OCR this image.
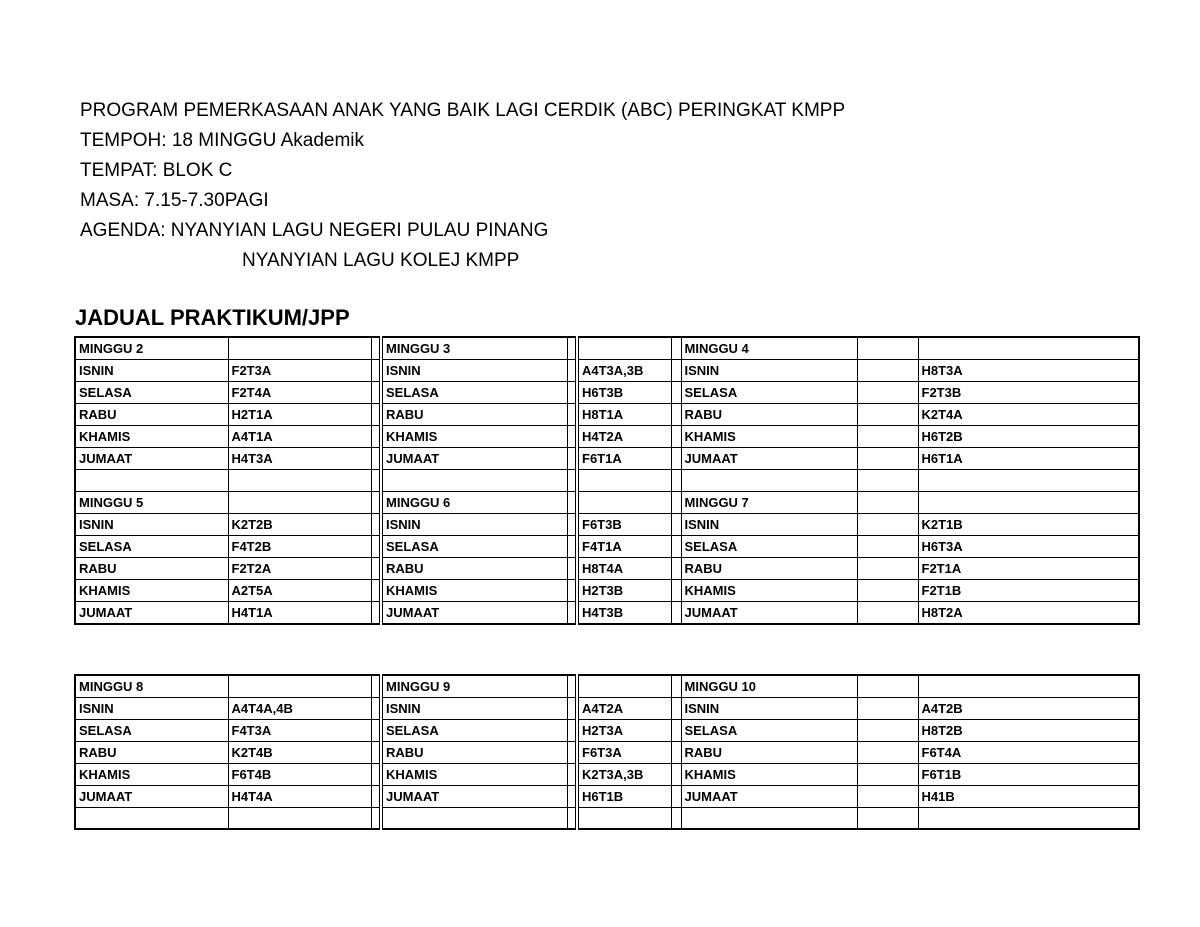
PROGRAM PEMERKASAAN ANAK YANG BAIK LAGI CERDIK (ABC) PERINGKAT KMPP
TEMPOH: 18 MINGGU Akademik
TEMPAT: BLOK C
MASA: 7.15-7.30PAGI
AGENDA: NYANYIAN LAGU NEGERI PULAU PINANG
NYANYIAN LAGU KOLEJ KMPP
JADUAL PRAKTIKUM/JPP
MINGGU 2			MINGGU 3				MINGGU 4		
ISNIN	F2T3A		ISNIN		A4T3A,3B		ISNIN		H8T3A
SELASA	F2T4A		SELASA		H6T3B		SELASA		F2T3B
RABU	H2T1A		RABU		H8T1A		RABU		K2T4A
KHAMIS	A4T1A		KHAMIS		H4T2A		KHAMIS		H6T2B
JUMAAT	H4T3A		JUMAAT		F6T1A		JUMAAT		H6T1A

MINGGU 5			MINGGU 6				MINGGU 7		
ISNIN	K2T2B		ISNIN		F6T3B		ISNIN		K2T1B
SELASA	F4T2B		SELASA		F4T1A		SELASA		H6T3A
RABU	F2T2A		RABU		H8T4A		RABU		F2T1A
KHAMIS	A2T5A		KHAMIS		H2T3B		KHAMIS		F2T1B
JUMAAT	H4T1A		JUMAAT		H4T3B		JUMAAT		H8T2A
MINGGU 8			MINGGU 9				MINGGU 10		
ISNIN	A4T4A,4B		ISNIN		A4T2A		ISNIN		A4T2B
SELASA	F4T3A		SELASA		H2T3A		SELASA		H8T2B
RABU	K2T4B		RABU		F6T3A		RABU		F6T4A
KHAMIS	F6T4B		KHAMIS		K2T3A,3B		KHAMIS		F6T1B
JUMAAT	H4T4A		JUMAAT		H6T1B		JUMAAT		H41B
